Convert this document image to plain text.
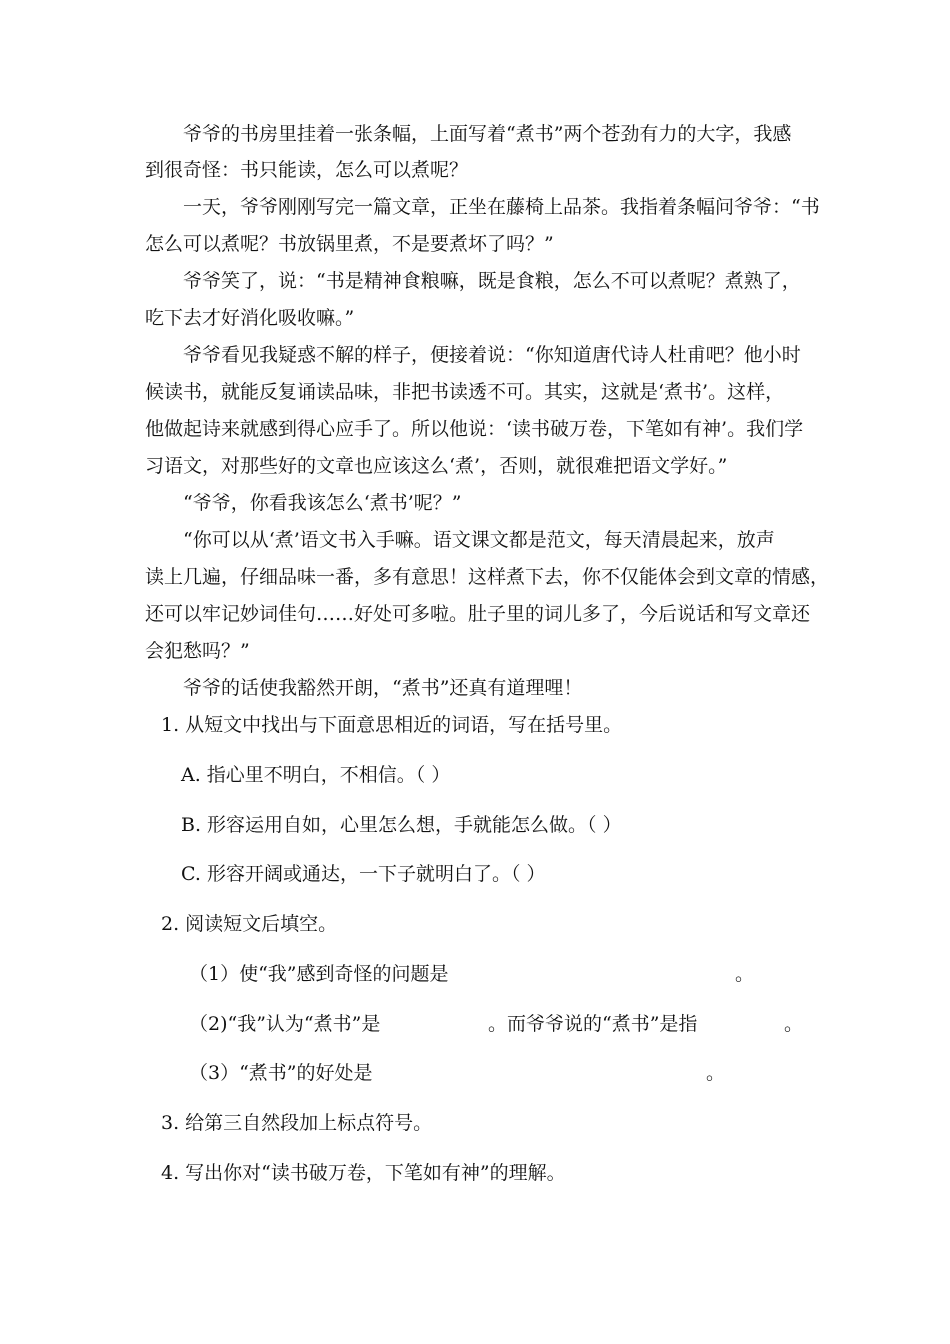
爷爷的书房里挂着一张条幅，上面写着“煮书”两个苍劲有力的大字，我感
到很奇怪：书只能读，怎么可以煮呢？
一天，爷爷刚刚写完一篇文章，正坐在藤椅上品茶。我指着条幅问爷爷：“书
怎么可以煮呢？书放锅里煮，不是要煮坏了吗？”
爷爷笑了，说：“书是精神食粮嘛，既是食粮，怎么不可以煮呢？煮熟了，
吃下去才好消化吸收嘛。”
爷爷看见我疑惑不解的样子，便接着说：“你知道唐代诗人杜甫吧？他小时
候读书，就能反复诵读品味，非把书读透不可。其实，这就是‘煮书’。这样，
他做起诗来就感到得心应手了。所以他说：‘读书破万卷，下笔如有神’。我们学
习语文，对那些好的文章也应该这么‘煮’，否则，就很难把语文学好。”
“爷爷，你看我该怎么‘煮书’呢？”
“你可以从‘煮’语文书入手嘛。语文课文都是范文，每天清晨起来，放声
读上几遍，仔细品味一番，多有意思！这样煮下去，你不仅能体会到文章的情感，
还可以牢记妙词佳句……好处可多啦。肚子里的词儿多了，今后说话和写文章还
会犯愁吗？”
爷爷的话使我豁然开朗，“煮书”还真有道理哩！
1. 从短文中找出与下面意思相近的词语，写在括号里。
A. 指心里不明白，不相信。（ ）
B. 形容运用自如，心里怎么想，手就能怎么做。（ ）
C. 形容开阔或通达，一下子就明白了。（ ）
2. 阅读短文后填空。
（1）使“我”感到奇怪的问题是	。
（2)“我”认为“煮书”是	。而爷爷说的“煮书”是指	。
（3）“煮书”的好处是	。
3. 给第三自然段加上标点符号。
4. 写出你对“读书破万卷，下笔如有神”的理解。
